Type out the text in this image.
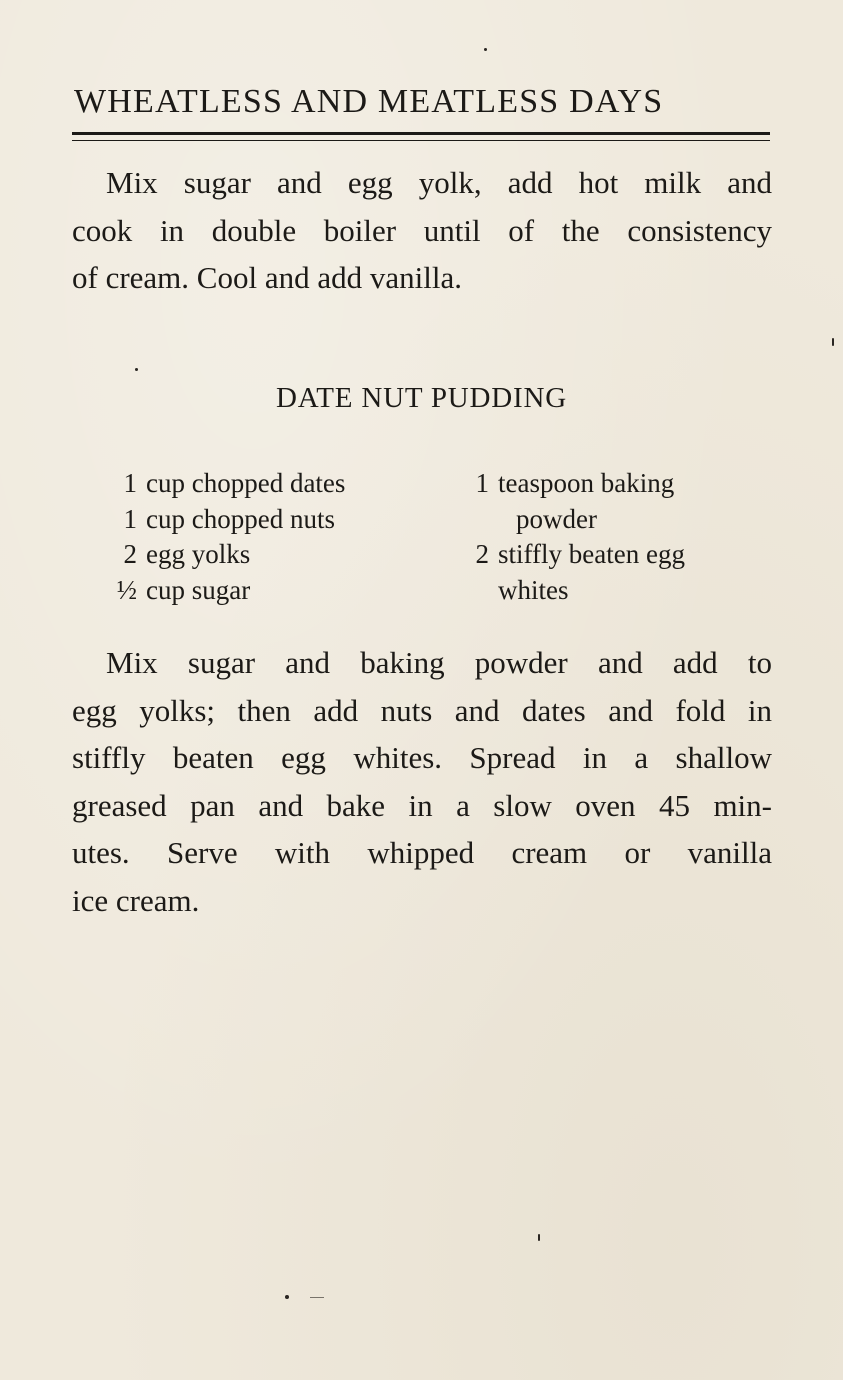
WHEATLESS AND MEATLESS DAYS
Mix sugar and egg yolk, add hot milk and
cook in double boiler until of the consistency
of cream. Cool and add vanilla.
DATE NUT PUDDING
1 cup chopped dates
1 cup chopped nuts
2 egg yolks
½ cup sugar
1 teaspoon baking
powder
2 stiffly beaten egg
whites
Mix sugar and baking powder and add to
egg yolks; then add nuts and dates and fold in
stiffly beaten egg whites. Spread in a shallow
greased pan and bake in a slow oven 45 min-
utes. Serve with whipped cream or vanilla
ice cream.
